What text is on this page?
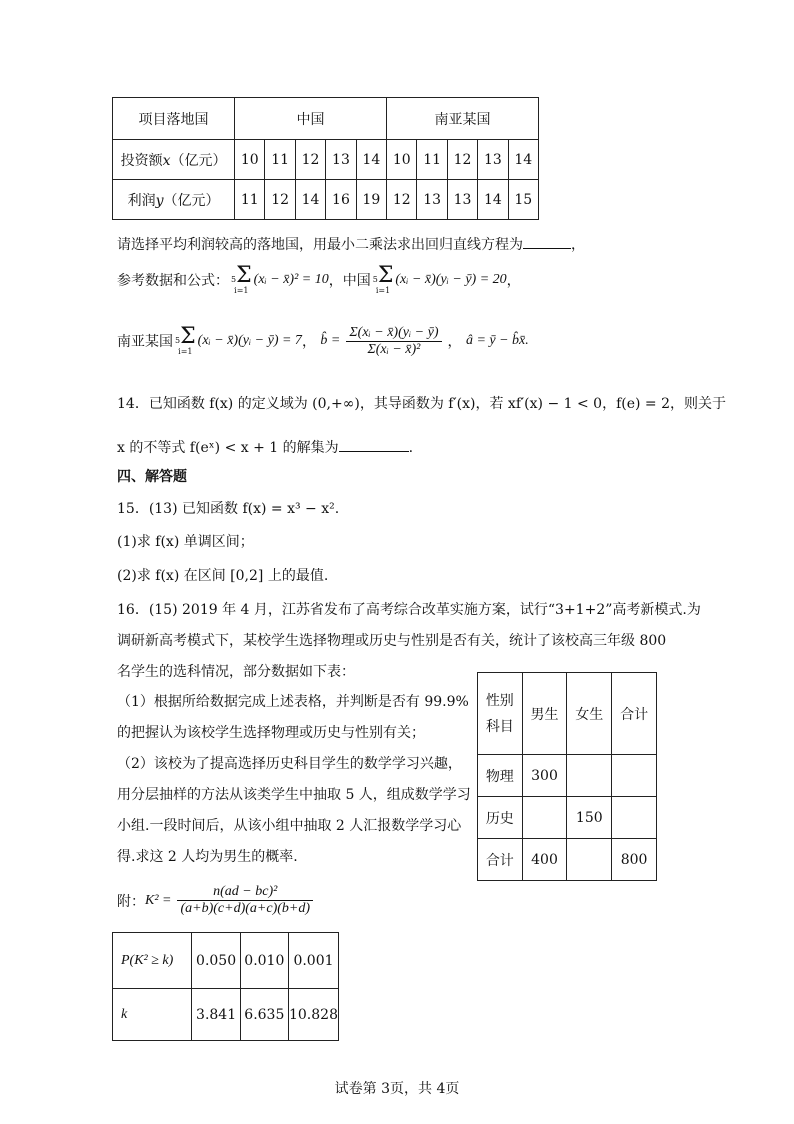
项目落地国	中国					南亚某国				
投资额𝑥（亿元）	10	11	12	13	14	10	11	12	13	14
利润𝑦（亿元）	11	12	14	16	19	12	13	13	14	15
请选择平均利润较高的落地国，用最小二乘法求出回归直线方程为	，
参考数据和公式： 5Σ
i=1
(xᵢ − x̄)² = 10 ，中国 5Σ
i=1
(xᵢ − x̄)(yᵢ − ȳ) = 20 ，
南亚某国 5Σ
i=1
(xᵢ − x̄)(yᵢ − ȳ) = 7 ， b̂ = $\frac{\text{Σ(xᵢ − x̄)(yᵢ − ȳ)}}{\text{Σ(xᵢ − x̄)²}}$ ， â = ȳ − b̂x̄.
14．已知函数 f(x) 的定义域为 (0,+∞)，其导函数为 f′(x)，若 xf′(x) − 1 < 0，f(e) = 2，则关于
x 的不等式 f(eˣ) < x + 1 的解集为	.
四、解答题
15．(13) 已知函数 f(x) = x³ − x².
(1)求 f(x) 单调区间；
(2)求 f(x) 在区间 [0,2] 上的最值.
16．(15) 2019 年 4 月，江苏省发布了高考综合改革实施方案，试行“3+1+2”高考新模式.为
调研新高考模式下，某校学生选择物理或历史与性别是否有关，统计了该校高三年级 800
名学生的选科情况，部分数据如下表：
（1）根据所给数据完成上述表格，并判断是否有 99.9%
的把握认为该校学生选择物理或历史与性别有关；
（2）该校为了提高选择历史科目学生的数学学习兴趣，
用分层抽样的方法从该类学生中抽取 5 人，组成数学学习
小组.一段时间后，从该小组中抽取 2 人汇报数学学习心
得.求这 2 人均为男生的概率.
性别
科目	男生	女生	合计
物理	300		
历史		150	
合计	400		800
附： $K^2 = \frac{\text{n(ad − bc)²}}{(a+b)(c+d)(a+c)(b+d)}$
P(K² ≥ k)	0.050	0.010	0.001
k	3.841	6.635	10.828
试卷第 3页，共 4页
